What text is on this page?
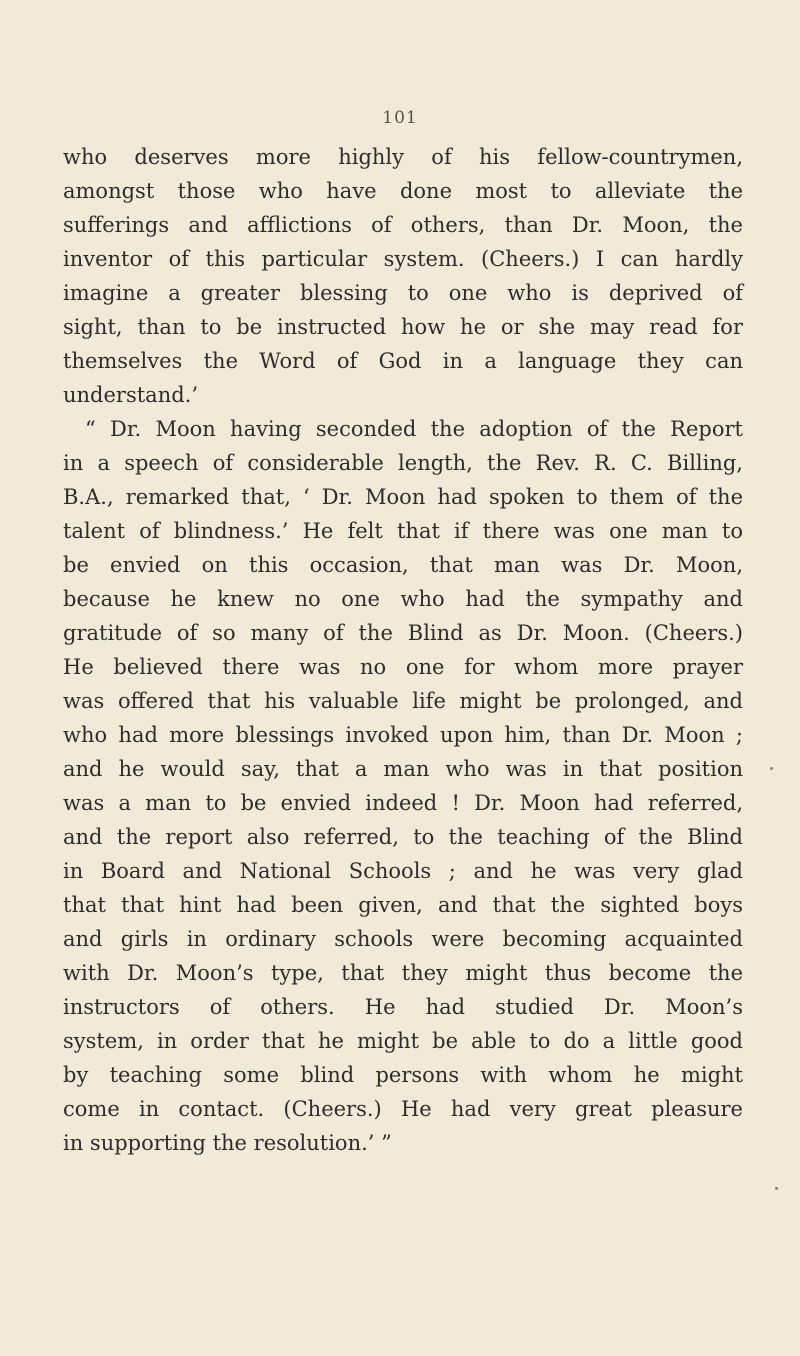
101
who deserves more highly of his fellow-countrymen,
amongst those who have done most to alleviate the
sufferings and afflictions of others, than Dr. Moon, the
inventor of this particular system. (Cheers.) I can hardly
imagine a greater blessing to one who is deprived of
sight, than to be instructed how he or she may read for
themselves the Word of God in a language they can
understand.’
“ Dr. Moon having seconded the adoption of the Report
in a speech of considerable length, the Rev. R. C. Billing,
B.A., remarked that, ‘ Dr. Moon had spoken to them of the
talent of blindness.’ He felt that if there was one man to
be envied on this occasion, that man was Dr. Moon,
because he knew no one who had the sympathy and
gratitude of so many of the Blind as Dr. Moon. (Cheers.)
He believed there was no one for whom more prayer
was offered that his valuable life might be prolonged, and
who had more blessings invoked upon him, than Dr. Moon ;
and he would say, that a man who was in that position
was a man to be envied indeed ! Dr. Moon had referred,
and the report also referred, to the teaching of the Blind
in Board and National Schools ; and he was very glad
that that hint had been given, and that the sighted boys
and girls in ordinary schools were becoming acquainted
with Dr. Moon’s type, that they might thus become the
instructors of others. He had studied Dr. Moon’s
system, in order that he might be able to do a little good
by teaching some blind persons with whom he might
come in contact. (Cheers.) He had very great pleasure
in supporting the resolution.’ ”
